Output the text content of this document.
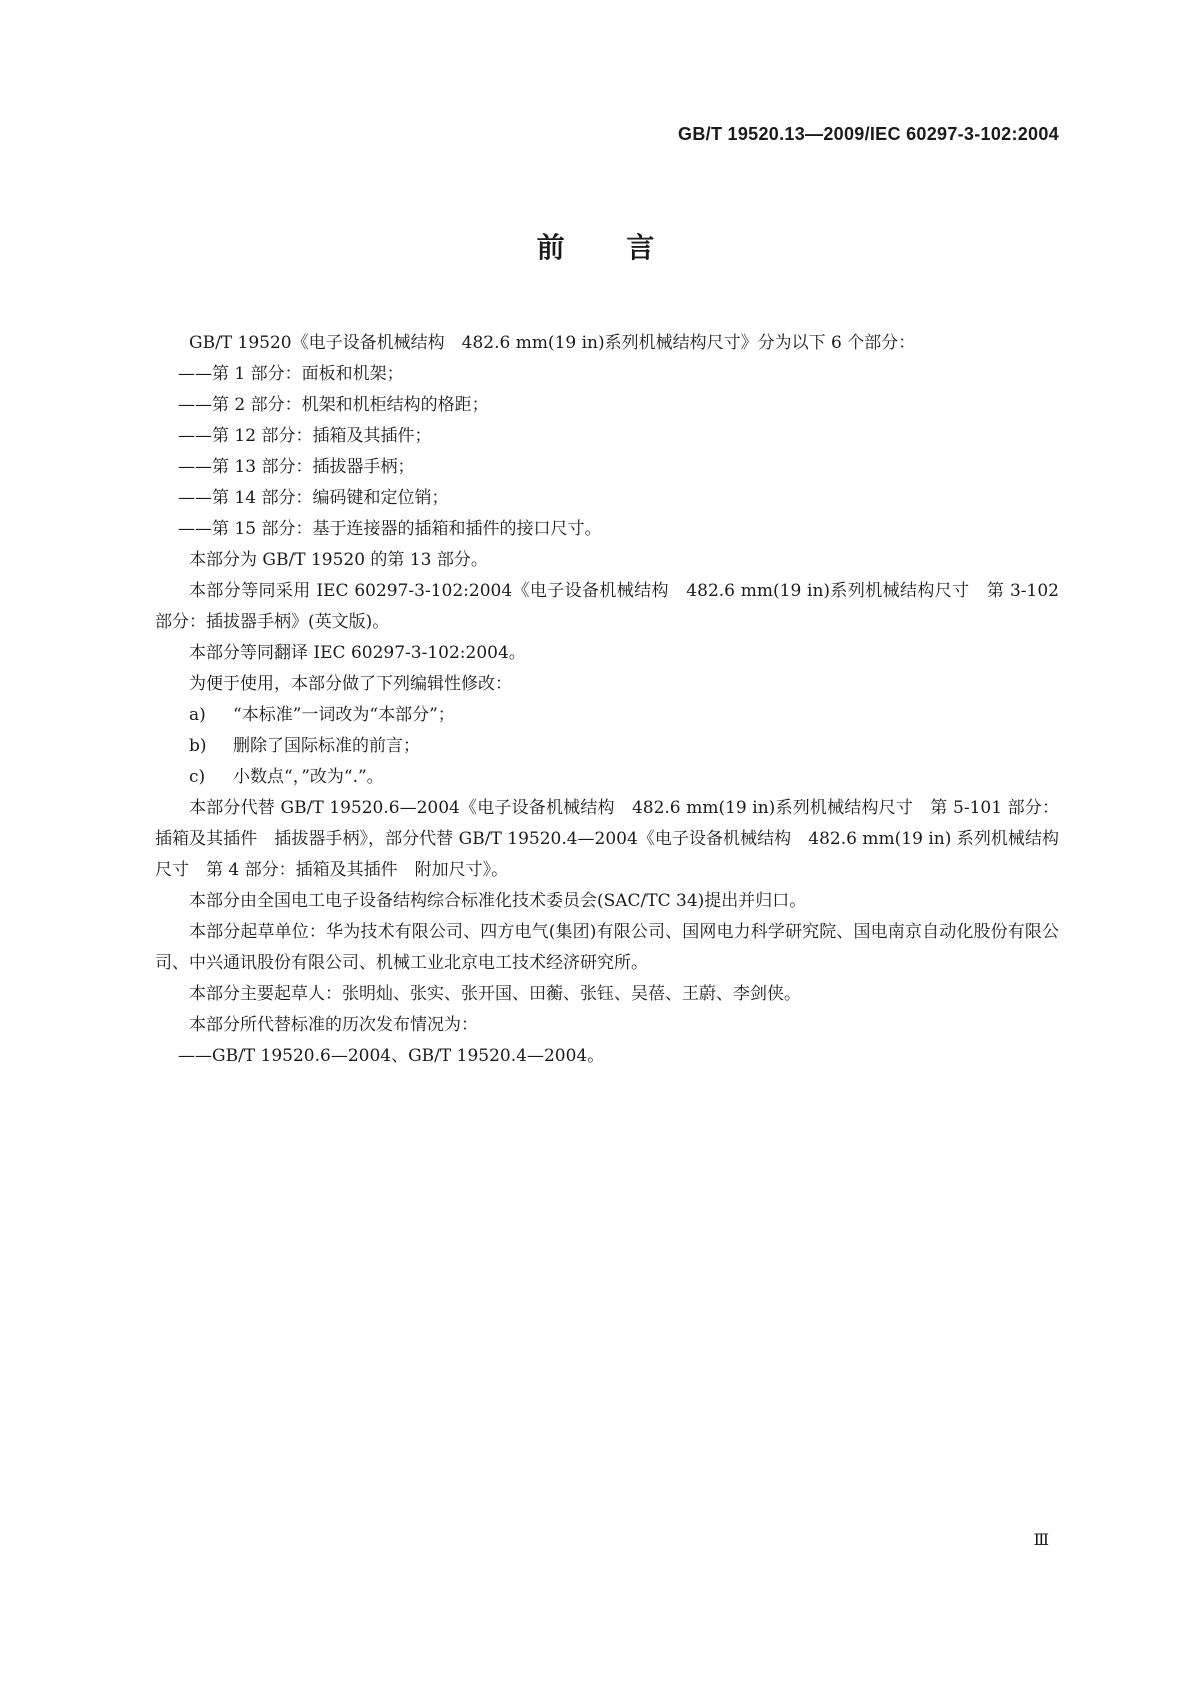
GB/T 19520.13—2009/IEC 60297-3-102:2004
前 言

GB/T 19520《电子设备机械结构　482.6 mm(19 in)系列机械结构尺寸》分为以下 6 个部分：

——第 1 部分：面板和机架；

——第 2 部分：机架和机柜结构的格距；

——第 12 部分：插箱及其插件；

——第 13 部分：插拔器手柄；

——第 14 部分：编码键和定位销；

——第 15 部分：基于连接器的插箱和插件的接口尺寸。

本部分为 GB/T 19520 的第 13 部分。

本部分等同采用 IEC 60297-3-102:2004《电子设备机械结构　482.6 mm(19 in)系列机械结构尺寸　第 3-102 部分：插拔器手柄》(英文版)。

本部分等同翻译 IEC 60297-3-102:2004。

为便于使用，本部分做了下列编辑性修改：

a) “本标准”一词改为“本部分”；

b) 删除了国际标准的前言；

c) 小数点“，”改为“.”。

本部分代替 GB/T 19520.6—2004《电子设备机械结构　482.6 mm(19 in)系列机械结构尺寸　第 5-101 部分：插箱及其插件　插拔器手柄》，部分代替 GB/T 19520.4—2004《电子设备机械结构　482.6 mm(19 in) 系列机械结构尺寸　第 4 部分：插箱及其插件　附加尺寸》。

本部分由全国电工电子设备结构综合标准化技术委员会(SAC/TC 34)提出并归口。

本部分起草单位：华为技术有限公司、四方电气(集团)有限公司、国网电力科学研究院、国电南京自动化股份有限公司、中兴通讯股份有限公司、机械工业北京电工技术经济研究所。

本部分主要起草人：张明灿、张实、张开国、田蘅、张钰、吴蓓、王蔚、李剑侠。

本部分所代替标准的历次发布情况为：

——GB/T 19520.6—2004、GB/T 19520.4—2004。

Ⅲ
